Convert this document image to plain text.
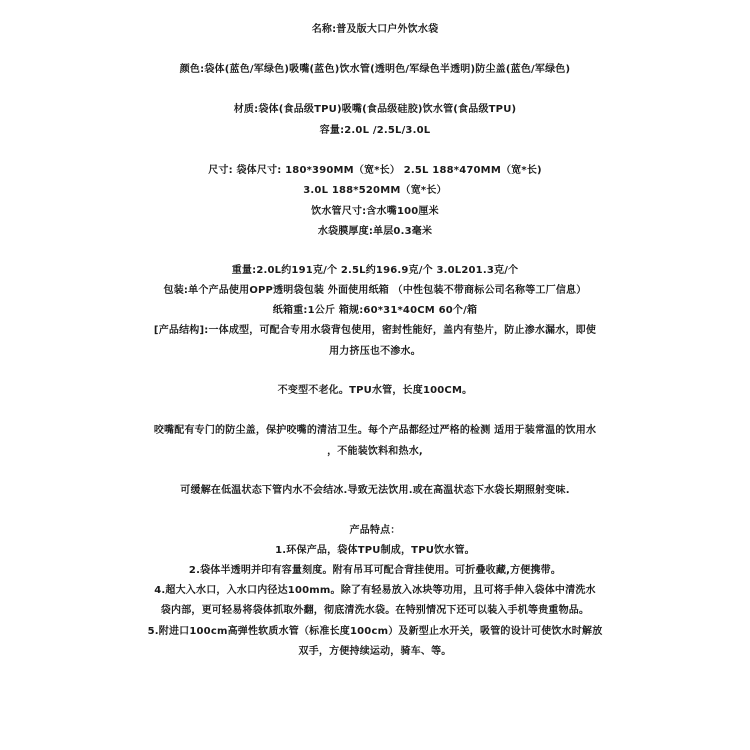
名称:普及版大口户外饮水袋
颜色:袋体(蓝色/军绿色)吸嘴(蓝色)饮水管(透明色/军绿色半透明)防尘盖(蓝色/军绿色)
材质:袋体(食品级TPU)吸嘴(食品级硅胶)饮水管(食品级TPU)
容量:2.0L /2.5L/3.0L
尺寸: 袋体尺寸: 180*390MM（宽*长） 2.5L 188*470MM（宽*长)
3.0L 188*520MM（宽*长）
饮水管尺寸:含水嘴100厘米
水袋膜厚度:单层0.3毫米
重量:2.0L约191克/个 2.5L约196.9克/个 3.0L201.3克/个
包装:单个产品使用OPP透明袋包装 外面使用纸箱 （中性包装不带商标公司名称等工厂信息）
纸箱重:1公斤 箱规:60*31*40CM 60个/箱
[产品结构]:一体成型，可配合专用水袋背包使用，密封性能好，盖内有垫片，防止渗水漏水，即使
用力挤压也不渗水。
不变型不老化。TPU水管，长度100CM。
咬嘴配有专门的防尘盖，保护咬嘴的清洁卫生。每个产品都经过严格的检测 适用于装常温的饮用水
，不能装饮料和热水,
可缓解在低温状态下管内水不会结冰.导致无法饮用.或在高温状态下水袋长期照射变味.
产品特点：
1.环保产品，袋体TPU制成，TPU饮水管。
2.袋体半透明并印有容量刻度。附有吊耳可配合背挂使用。可折叠收藏,方便携带。
4.超大入水口，入水口内径达100mm。除了有轻易放入冰块等功用，且可将手伸入袋体中清洗水
袋内部，更可轻易将袋体抓取外翻，彻底清洗水袋。在特别情况下还可以装入手机等贵重物品。
5.附进口100cm高弹性软质水管（标准长度100cm）及新型止水开关，吸管的设计可使饮水时解放
双手，方便持续运动，骑车、等。
